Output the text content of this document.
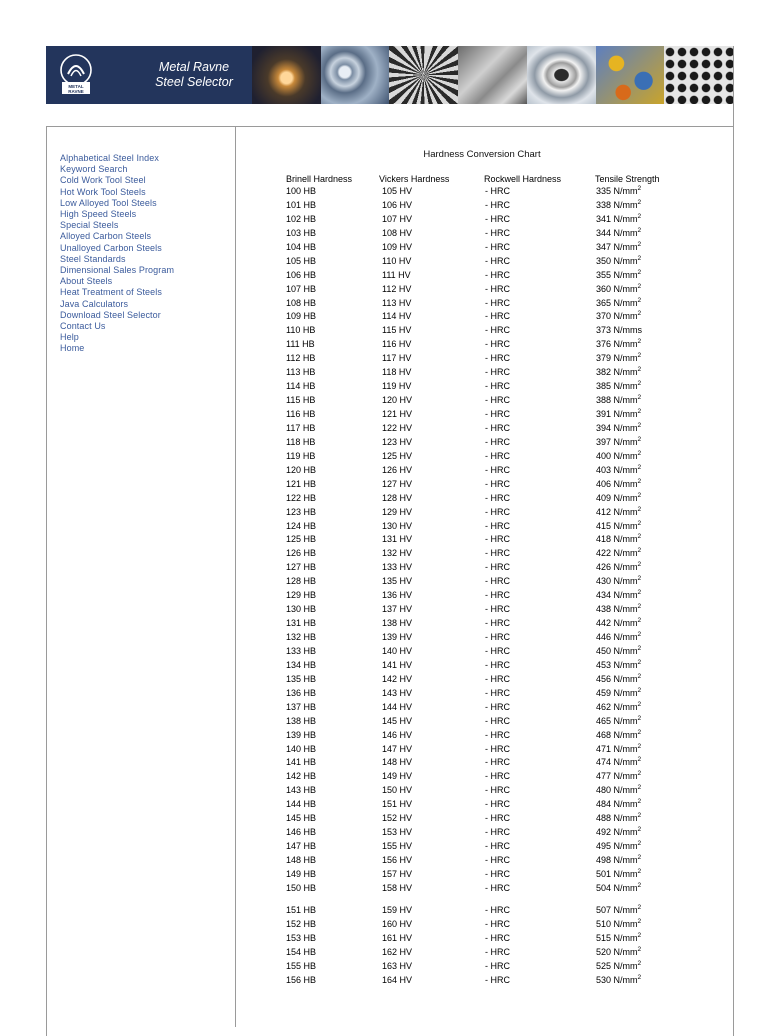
METAL
RAVNE
Metal Ravne
Steel Selector
Alphabetical Steel Index
Keyword Search
Cold Work Tool Steel
Hot Work Tool Steels
Low Alloyed Tool Steels
High Speed Steels
Special Steels
Alloyed Carbon Steels
Unalloyed Carbon Steels
Steel Standards
Dimensional Sales Program
About Steels
Heat Treatment of Steels
Java Calculators
Download Steel Selector
Contact Us
Help
Home
Hardness Conversion Chart
Brinell Hardness	Vickers Hardness	Rockwell Hardness	Tensile Strength
100 HB	105 HV	- HRC	335 $N/mm^2$
101 HB	106 HV	- HRC	338 $N/mm^2$
102 HB	107 HV	- HRC	341 $N/mm^2$
103 HB	108 HV	- HRC	344 $N/mm^2$
104 HB	109 HV	- HRC	347 $N/mm^2$
105 HB	110 HV	- HRC	350 $N/mm^2$
106 HB	111 HV	- HRC	355 $N/mm^2$
107 HB	112 HV	- HRC	360 $N/mm^2$
108 HB	113 HV	- HRC	365 $N/mm^2$
109 HB	114 HV	- HRC	370 $N/mm^2$
110 HB	115 HV	- HRC	373 N/mms
111 HB	116 HV	- HRC	376 $N/mm^2$
112 HB	117 HV	- HRC	379 $N/mm^2$
113 HB	118 HV	- HRC	382 $N/mm^2$
114 HB	119 HV	- HRC	385 $N/mm^2$
115 HB	120 HV	- HRC	388 $N/mm^2$
116 HB	121 HV	- HRC	391 $N/mm^2$
117 HB	122 HV	- HRC	394 $N/mm^2$
118 HB	123 HV	- HRC	397 $N/mm^2$
119 HB	125 HV	- HRC	400 $N/mm^2$
120 HB	126 HV	- HRC	403 $N/mm^2$
121 HB	127 HV	- HRC	406 $N/mm^2$
122 HB	128 HV	- HRC	409 $N/mm^2$
123 HB	129 HV	- HRC	412 $N/mm^2$
124 HB	130 HV	- HRC	415 $N/mm^2$
125 HB	131 HV	- HRC	418 $N/mm^2$
126 HB	132 HV	- HRC	422 $N/mm^2$
127 HB	133 HV	- HRC	426 $N/mm^2$
128 HB	135 HV	- HRC	430 $N/mm^2$
129 HB	136 HV	- HRC	434 $N/mm^2$
130 HB	137 HV	- HRC	438 $N/mm^2$
131 HB	138 HV	- HRC	442 $N/mm^2$
132 HB	139 HV	- HRC	446 $N/mm^2$
133 HB	140 HV	- HRC	450 $N/mm^2$
134 HB	141 HV	- HRC	453 $N/mm^2$
135 HB	142 HV	- HRC	456 $N/mm^2$
136 HB	143 HV	- HRC	459 $N/mm^2$
137 HB	144 HV	- HRC	462 $N/mm^2$
138 HB	145 HV	- HRC	465 $N/mm^2$
139 HB	146 HV	- HRC	468 $N/mm^2$
140 HB	147 HV	- HRC	471 $N/mm^2$
141 HB	148 HV	- HRC	474 $N/mm^2$
142 HB	149 HV	- HRC	477 $N/mm^2$
143 HB	150 HV	- HRC	480 $N/mm^2$
144 HB	151 HV	- HRC	484 $N/mm^2$
145 HB	152 HV	- HRC	488 $N/mm^2$
146 HB	153 HV	- HRC	492 $N/mm^2$
147 HB	155 HV	- HRC	495 $N/mm^2$
148 HB	156 HV	- HRC	498 $N/mm^2$
149 HB	157 HV	- HRC	501 $N/mm^2$
150 HB	158 HV	- HRC	504 $N/mm^2$
151 HB	159 HV	- HRC	507 $N/mm^2$
152 HB	160 HV	- HRC	510 $N/mm^2$
153 HB	161 HV	- HRC	515 $N/mm^2$
154 HB	162 HV	- HRC	520 $N/mm^2$
155 HB	163 HV	- HRC	525 $N/mm^2$
156 HB	164 HV	- HRC	530 $N/mm^2$
